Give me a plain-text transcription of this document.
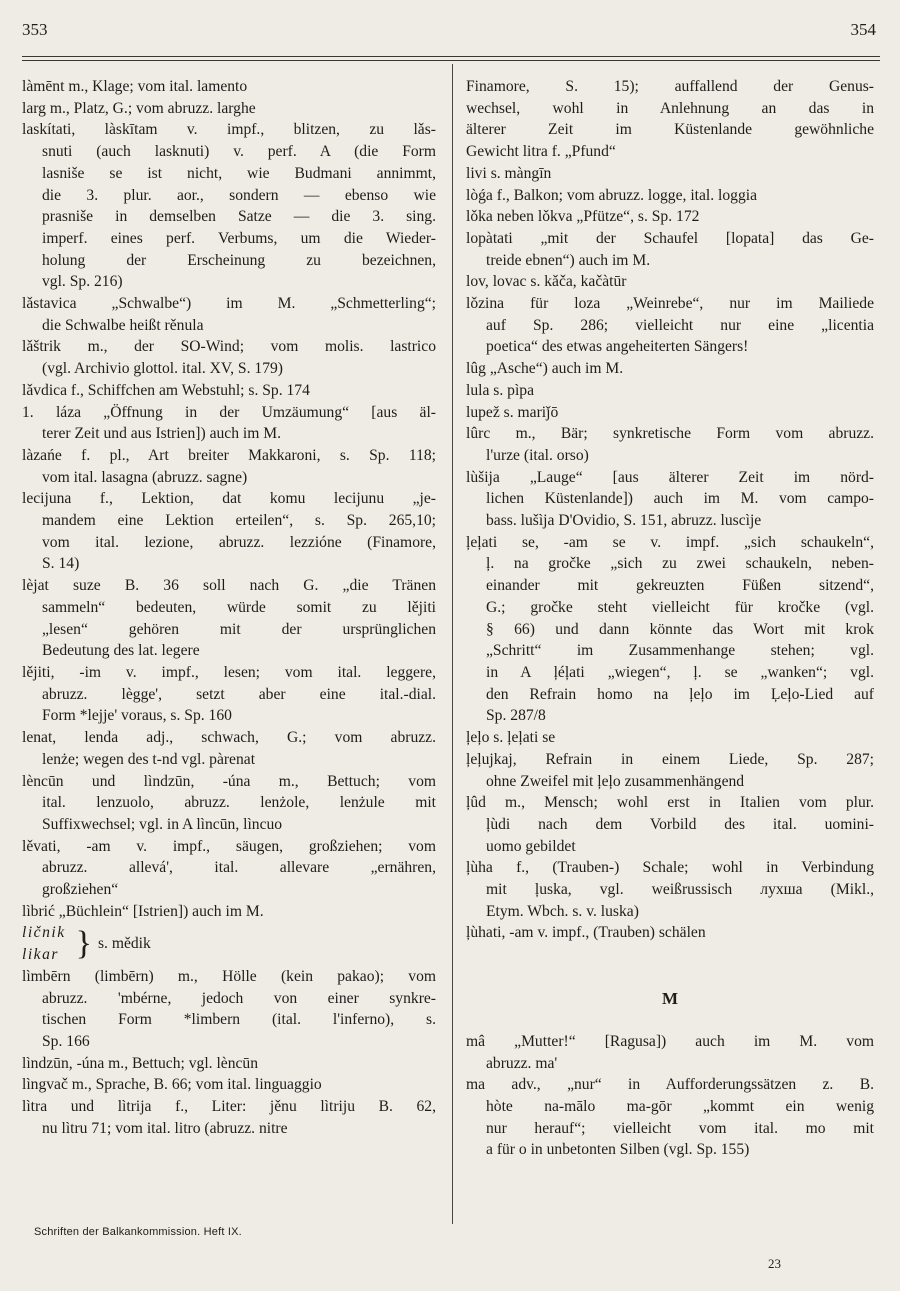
353	354
làmēnt m., Klage; vom ital. lamento
larg m., Platz, G.; vom abruzz. larghe
laskítati, làskītam v. impf., blitzen, zu lǎs-
snuti (auch lasknuti) v. perf. A (die Form
lasniše se ist nicht, wie Budmani annimmt,
die 3. plur. aor., sondern — ebenso wie
prasniše in demselben Satze — die 3. sing.
imperf. eines perf. Verbums, um die Wieder-
holung der Erscheinung zu bezeichnen,
vgl. Sp. 216)
lǎstavica „Schwalbe“) im M. „Schmetterling“;
die Schwalbe heißt rěnula
lǎštrik m., der SO-Wind; vom molis. lastrico
(vgl. Archivio glottol. ital. XV, S. 179)
lǎvdica f., Schiffchen am Webstuhl; s. Sp. 174
1. láza „Öffnung in der Umzäumung“ [aus äl-
terer Zeit und aus Istrien]) auch im M.
làzańe f. pl., Art breiter Makkaroni, s. Sp. 118;
vom ital. lasagna (abruzz. sagne)
lecijuna f., Lektion, dat komu lecijunu „je-
mandem eine Lektion erteilen“, s. Sp. 265,10;
vom ital. lezione, abruzz. lezzióne (Finamore,
S. 14)
lèjat suze B. 36 soll nach G. „die Tränen
sammeln“ bedeuten, würde somit zu lějiti
„lesen“ gehören mit der ursprünglichen
Bedeutung des lat. legere
lějiti, -im v. impf., lesen; vom ital. leggere,
abruzz. lègge', setzt aber eine ital.-dial.
Form *lejje' voraus, s. Sp. 160
lenat, lenda adj., schwach, G.; vom abruzz.
lenże; wegen des t-nd vgl. pàrenat
lèncūn und lìndzūn, -úna m., Bettuch; vom
ital. lenzuolo, abruzz. lenżole, lenżule mit
Suffixwechsel; vgl. in A lìncūn, lìncuo
lěvati, -am v. impf., säugen, großziehen; vom
abruzz. allevá', ital. allevare „ernähren,
großziehen“
lìbrić „Büchlein“ [Istrien]) auch im M.
ličnik
likar } s. mědik
lìmbērn (limbērn) m., Hölle (kein pakao); vom
abruzz. 'mbérne, jedoch von einer synkre-
tischen Form *limbern (ital. l'inferno), s.
Sp. 166
lìndzūn, -úna m., Bettuch; vgl. lèncūn
lìngvač m., Sprache, B. 66; vom ital. linguaggio
lìtra und lìtrija f., Liter: jěnu lìtriju B. 62,
nu lìtru 71; vom ital. litro (abruzz. nitre
Finamore, S. 15); auffallend der Genus-
wechsel, wohl in Anlehnung an das in
älterer Zeit im Küstenlande gewöhnliche
Gewicht litra f. „Pfund“
livi s. màngīn
lòǵa f., Balkon; vom abruzz. logge, ital. loggia
lǒka neben lǒkva „Pfütze“, s. Sp. 172
lopàtati „mit der Schaufel [lopata] das Ge-
treide ebnen“) auch im M.
lov, lovac s. kǎča, kačàtūr
lǒzina für loza „Weinrebe“, nur im Mailiede
auf Sp. 286; vielleicht nur eine „licentia
poetica“ des etwas angeheiterten Sängers!
lûg „Asche“) auch im M.
lula s. pìpa
lupež s. mariǰō
lûrc m., Bär; synkretische Form vom abruzz.
l'urze (ital. orso)
lùšija „Lauge“ [aus älterer Zeit im nörd-
lichen Küstenlande]) auch im M. vom campo-
bass. lušìja D'Ovidio, S. 151, abruzz. luscìje
ļeļati se, -am se v. impf. „sich schaukeln“,
ļ. na gročke „sich zu zwei schaukeln, neben-
einander mit gekreuzten Füßen sitzend“,
G.; gročke steht vielleicht für kročke (vgl.
§ 66) und dann könnte das Wort mit krok
„Schritt“ im Zusammenhange stehen; vgl.
in A ļéļati „wiegen“, ļ. se „wanken“; vgl.
den Refrain homo na ļeļo im Ļeļo-Lied auf
Sp. 287/8
ļeļo s. ļeļati se
ļeļujkaj, Refrain in einem Liede, Sp. 287;
ohne Zweifel mit ļeļo zusammenhängend
ļûd m., Mensch; wohl erst in Italien vom plur.
ļùdi nach dem Vorbild des ital. uomini-
uomo gebildet
ļùha f., (Trauben-) Schale; wohl in Verbindung
mit ļuska, vgl. weißrussisch лухша (Mikl.,
Etym. Wbch. s. v. luska)
ļùhati, -am v. impf., (Trauben) schälen
M
mâ „Mutter!“ [Ragusa]) auch im M. vom
abruzz. ma'
ma adv., „nur“ in Aufforderungssätzen z. B.
hòte na-mālo ma-gōr „kommt ein wenig
nur herauf“; vielleicht vom ital. mo mit
a für o in unbetonten Silben (vgl. Sp. 155)
Schriften der Balkankommission. Heft IX.
23
